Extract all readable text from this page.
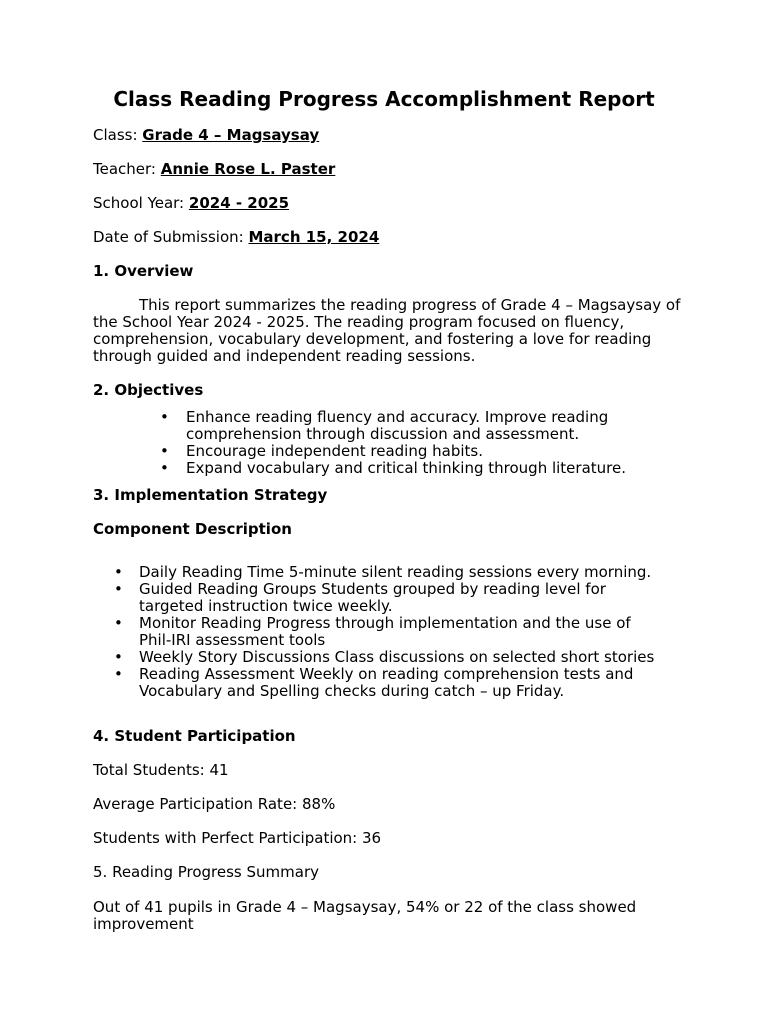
Class Reading Progress Accomplishment Report
Class: Grade 4 – Magsaysay
Teacher: Annie Rose L. Paster
School Year: 2024 - 2025
Date of Submission: March 15, 2024
1. Overview
This report summarizes the reading progress of Grade 4 – Magsaysay of the School Year 2024 - 2025. The reading program focused on fluency, comprehension, vocabulary development, and fostering a love for reading through guided and independent reading sessions.
2. Objectives
•	Enhance reading fluency and accuracy. Improve reading comprehension through discussion and assessment.
•	Encourage independent reading habits.
•	Expand vocabulary and critical thinking through literature.
3. Implementation Strategy
Component Description
• Daily Reading Time 5-minute silent reading sessions every morning.
• Guided Reading Groups Students grouped by reading level for targeted instruction twice weekly.
• Monitor Reading Progress through implementation and the use of Phil-IRI assessment tools
• Weekly Story Discussions Class discussions on selected short stories
• Reading Assessment Weekly on reading comprehension tests and Vocabulary and Spelling checks during catch – up Friday.
4. Student Participation
Total Students: 41
Average Participation Rate: 88%
Students with Perfect Participation: 36
5. Reading Progress Summary
Out of 41 pupils in Grade 4 – Magsaysay, 54% or 22 of the class showed improvement
